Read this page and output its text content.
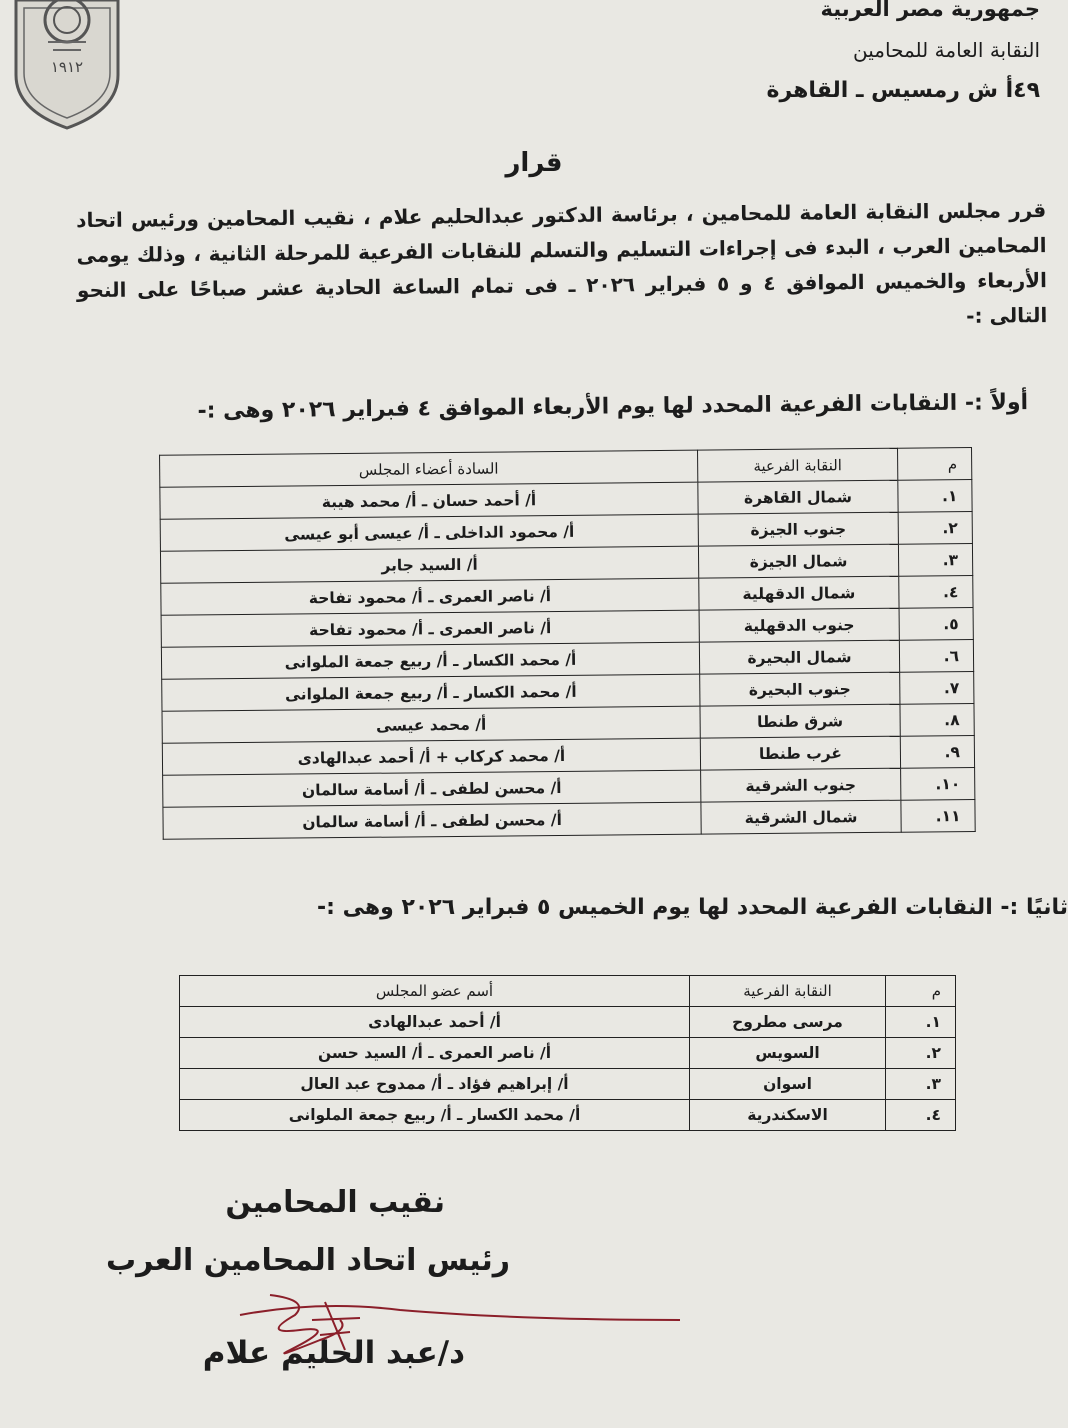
١٩١٢
جمهورية مصر العربية
النقابة العامة للمحامين
٤٩أ ش رمسيس ـ القاهرة
قرار
قرر مجلس النقابة العامة للمحامين ، برئاسة الدكتور عبدالحليم علام ، نقيب المحامين ورئيس اتحاد المحامين العرب ، البدء فى إجراءات التسليم والتسلم للنقابات الفرعية للمرحلة الثانية ، وذلك يومى الأربعاء والخميس الموافق ٤ و ٥ فبراير ٢٠٢٦ ـ فى تمام الساعة الحادية عشر صباحًا على النحو التالى :-
أولاً :- النقابات الفرعية المحدد لها يوم الأربعاء الموافق ٤ فبراير ٢٠٢٦ وهى :-
م	النقابة الفرعية	السادة أعضاء المجلس
١.	شمال القاهرة	أ/ أحمد حسان ـ أ/ محمد هيبة
٢.	جنوب الجيزة	أ/ محمود الداخلى ـ أ/ عيسى أبو عيسى
٣.	شمال الجيزة	أ/ السيد جابر
٤.	شمال الدقهلية	أ/ ناصر العمرى ـ أ/ محمود تفاحة
٥.	جنوب الدقهلية	أ/ ناصر العمرى ـ أ/ محمود تفاحة
٦.	شمال البحيرة	أ/ محمد الكسار ـ أ/ ربيع جمعة الملوانى
٧.	جنوب البحيرة	أ/ محمد الكسار ـ أ/ ربيع جمعة الملوانى
٨.	شرق طنطا	أ/ محمد عيسى
٩.	غرب طنطا	أ/ محمد كركاب + أ/ أحمد عبدالهادى
١٠.	جنوب الشرقية	أ/ محسن لطفى ـ أ/ أسامة سالمان
١١.	شمال الشرقية	أ/ محسن لطفى ـ أ/ أسامة سالمان
ثانيًا :- النقابات الفرعية المحدد لها يوم الخميس ٥ فبراير ٢٠٢٦ وهى :-
م	النقابة الفرعية	أسم عضو المجلس
١.	مرسى مطروح	أ/ أحمد عبدالهادى
٢.	السويس	أ/ ناصر العمرى ـ أ/ السيد حسن
٣.	اسوان	أ/ إبراهيم فؤاد ـ أ/ ممدوح عبد العال
٤.	الاسكندرية	أ/ محمد الكسار ـ أ/ ربيع جمعة الملوانى
نقيب المحامين
رئيس اتحاد المحامين العرب
د/عبد الحليم علام
